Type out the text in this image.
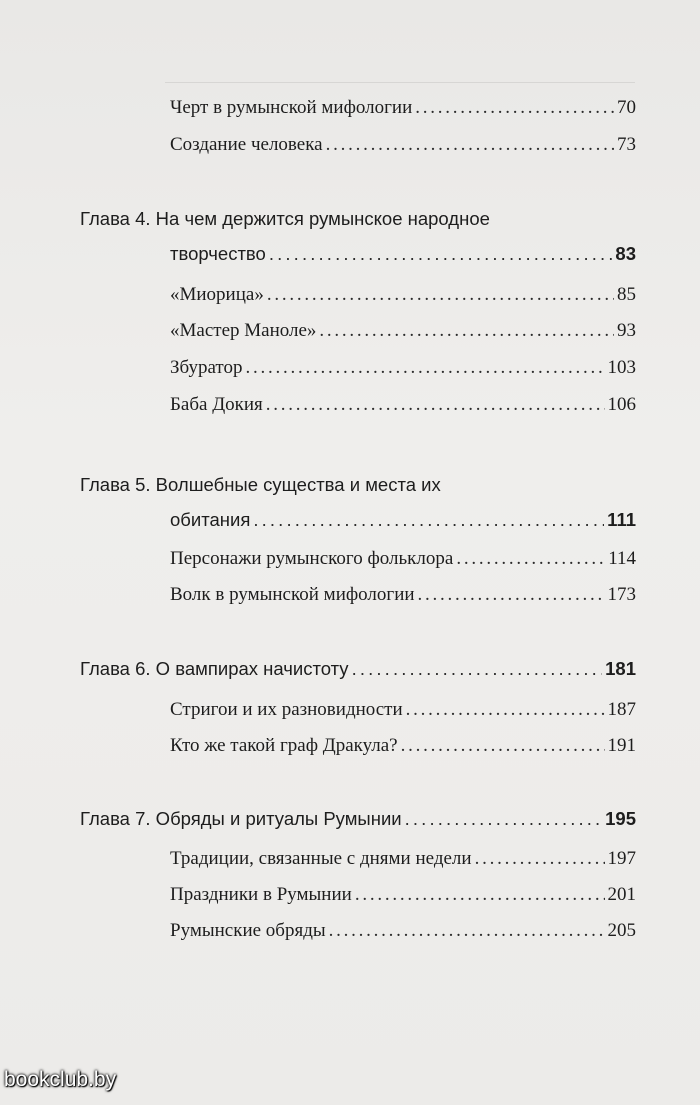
Черт в румынской мифологии . . .	70
Создание человека . . .	73
Глава 4. На чем держится румынское народное
творчество . . .	83
«Миорица» . . .	85
«Мастер Маноле» . . .	93
Збуратор . . .	103
Баба Докия . . .	106
Глава 5. Волшебные существа и места их
обитания . . .	111
Персонажи румынского фольклора . . .	114
Волк в румынской мифологии . . .	173
Глава 6. О вампирах начистоту . . .	181
Стригои и их разновидности . . .	187
Кто же такой граф Дракула? . . .	191
Глава 7. Обряды и ритуалы Румынии . . .	195
Традиции, связанные с днями недели . . .	197
Праздники в Румынии . . .	201
Румынские обряды . . .	205
bookclub.by
